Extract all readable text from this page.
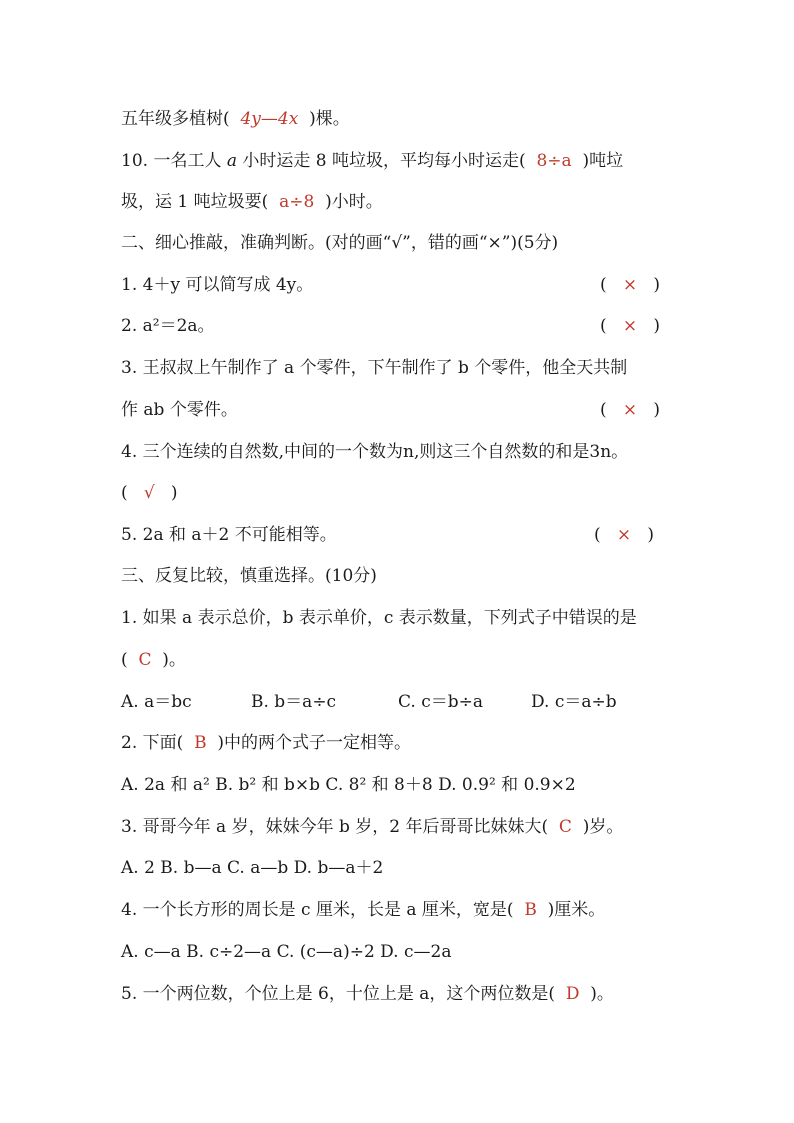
五年级多植树( 4y—4x )棵。
10. 一名工人 a 小时运走 8 吨垃圾，平均每小时运走( 8÷a )吨垃
圾，运 1 吨垃圾要( a÷8 )小时。
二、细心推敲，准确判断。(对的画“√”，错的画“×”)(5分)
1. 4＋y 可以简写成 4y。	( × )
2. a²＝2a。	( × )
3. 王叔叔上午制作了 a 个零件，下午制作了 b 个零件，他全天共制
作 ab 个零件。	( × )
4. 三个连续的自然数,中间的一个数为n,则这三个自然数的和是3n。
( √ )
5. 2a 和 a＋2 不可能相等。	( × )
三、反复比较，慎重选择。(10分)
1. 如果 a 表示总价，b 表示单价，c 表示数量，下列式子中错误的是
( C )。
A. a＝bc	B. b＝a÷c	C. c＝b÷a	D. c＝a÷b
2. 下面( B )中的两个式子一定相等。
A. 2a 和 a² B. b² 和 b×b C. 8² 和 8＋8 D. 0.9² 和 0.9×2
3. 哥哥今年 a 岁，妹妹今年 b 岁，2 年后哥哥比妹妹大( C )岁。
A. 2 B. b—a C. a—b D. b—a＋2
4. 一个长方形的周长是 c 厘米，长是 a 厘米，宽是( B )厘米。
A. c—a B. c÷2—a C. (c—a)÷2 D. c—2a
5. 一个两位数，个位上是 6，十位上是 a，这个两位数是( D )。
